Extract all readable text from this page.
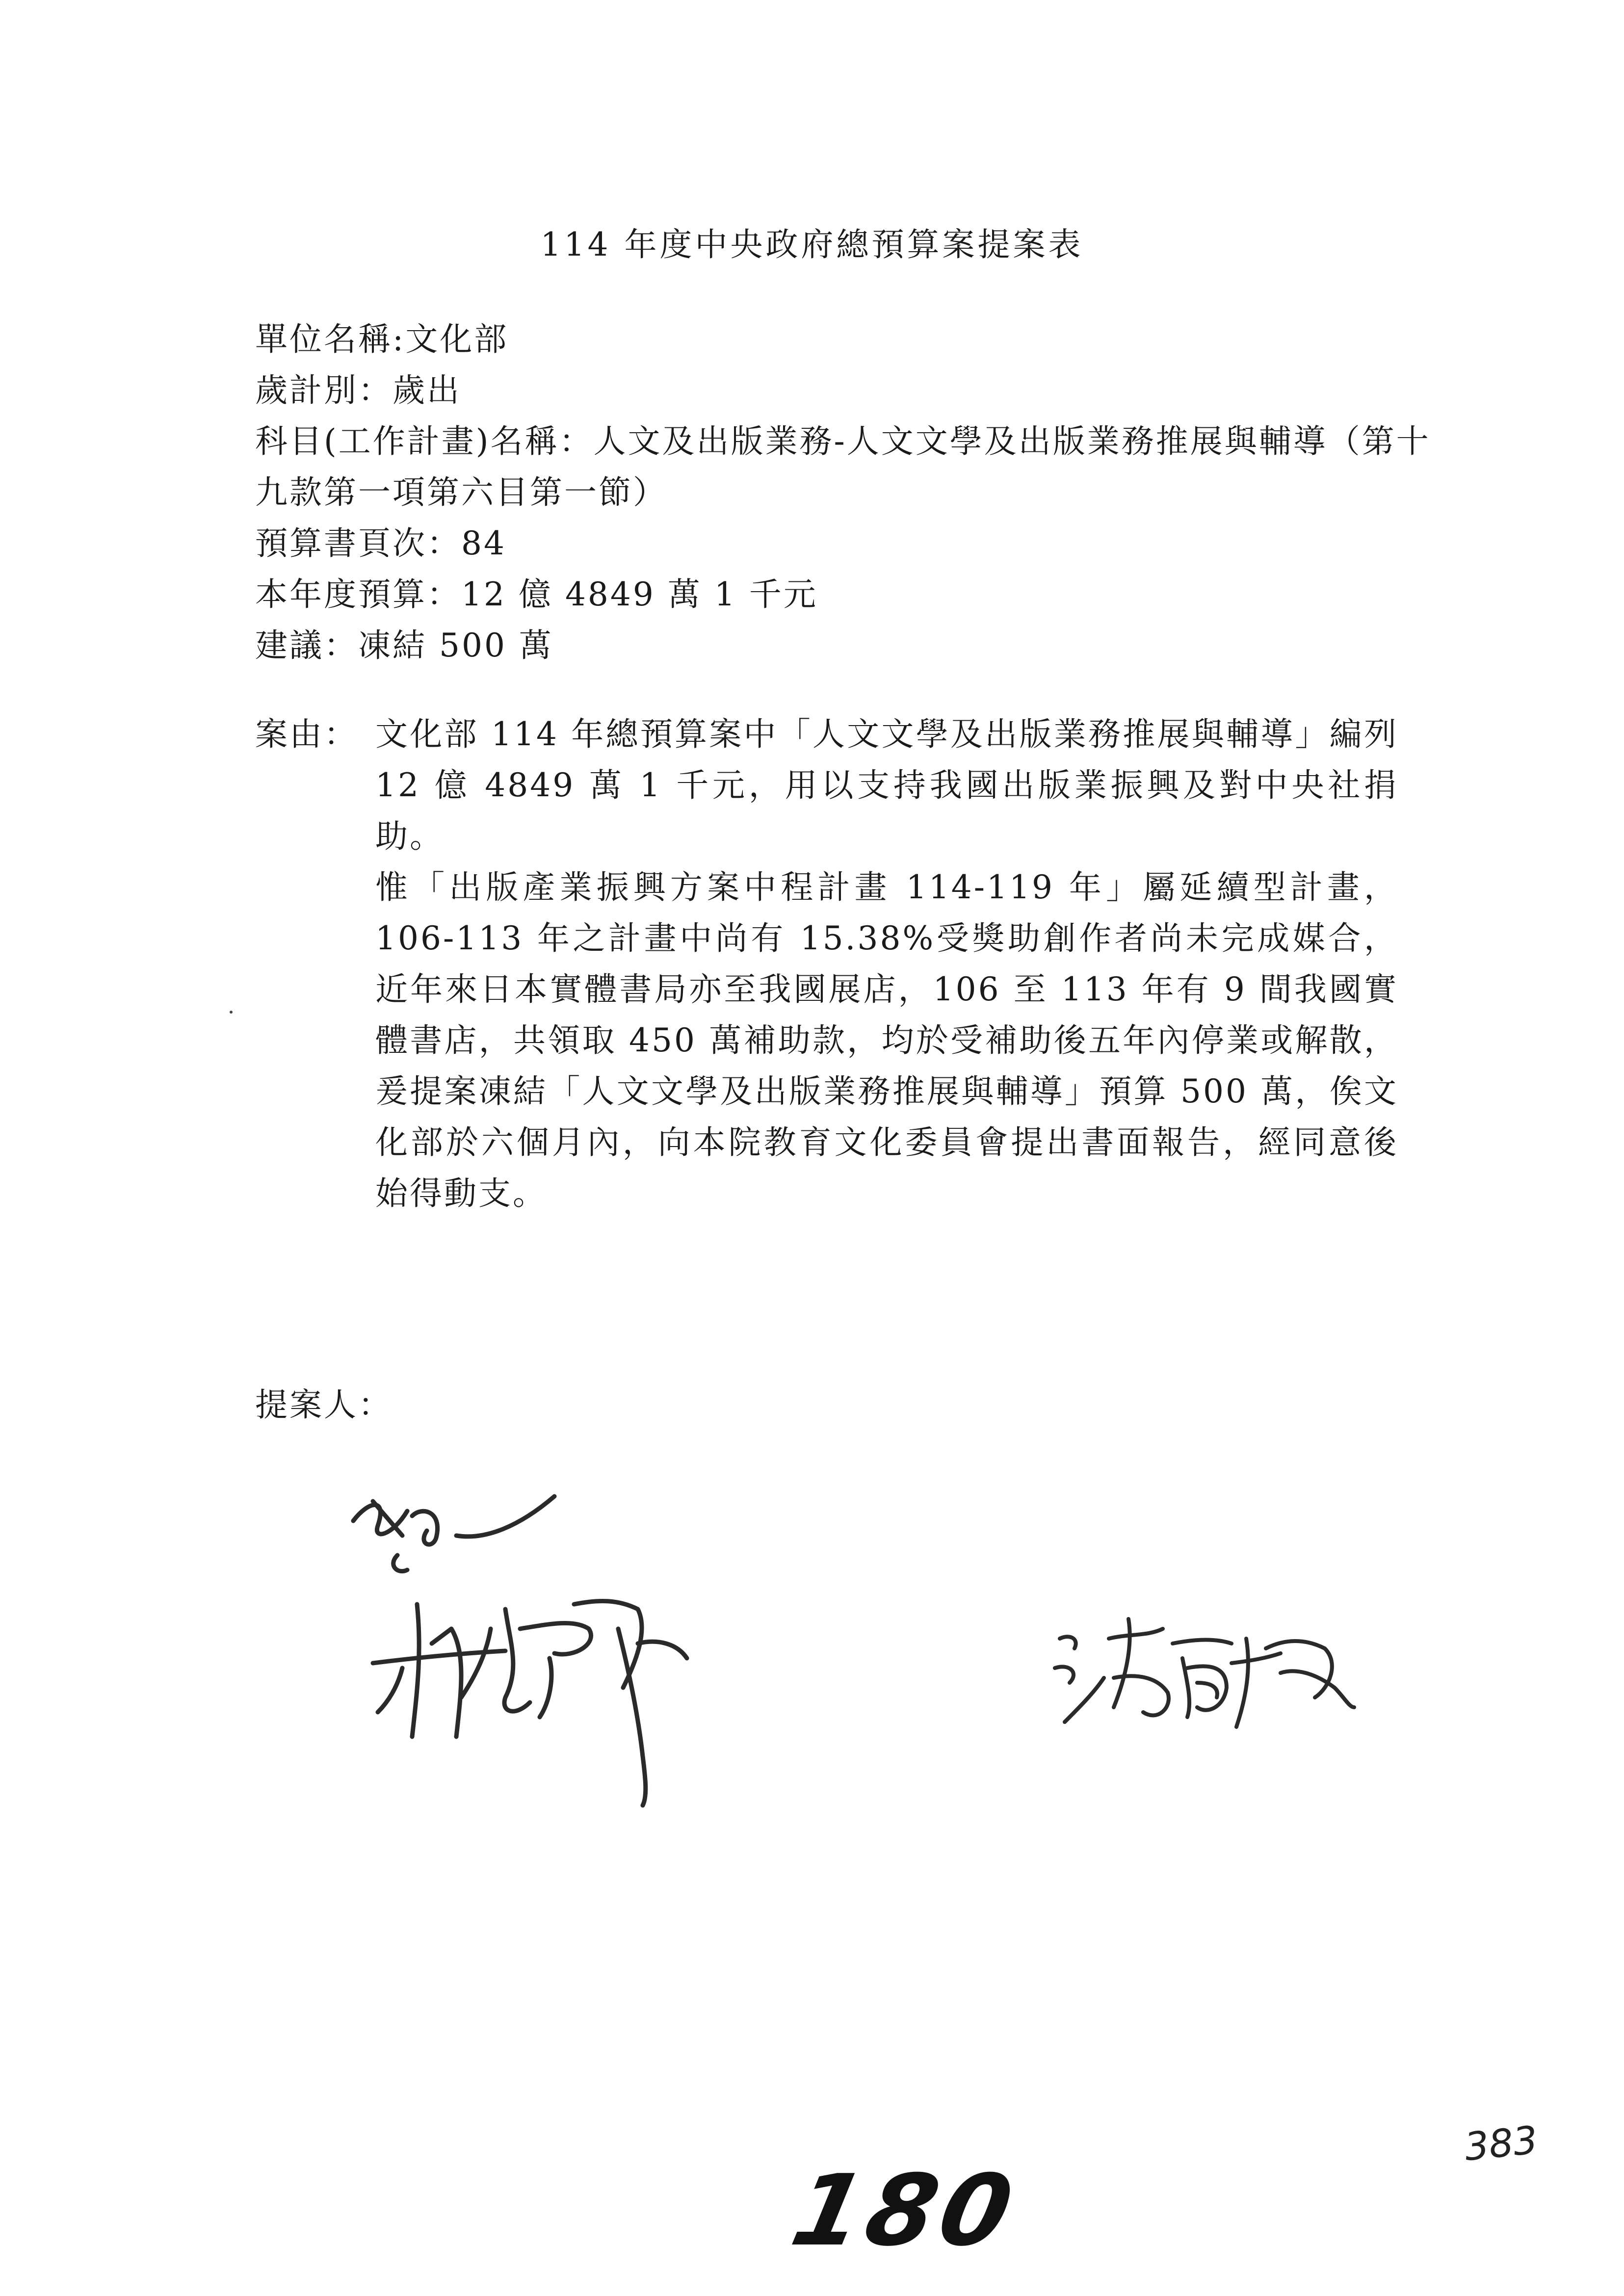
114 年度中央政府總預算案提案表
單位名稱:文化部
歲計別：歲出
科目(工作計畫)名稱：人文及出版業務-人文文學及出版業務推展與輔導（第十九款第一項第六目第一節）
預算書頁次：84
本年度預算：12 億 4849 萬 1 千元
建議：凍結 500 萬
案由： 文化部 114 年總預算案中「人文文學及出版業務推展與輔導」編列 12 億 4849 萬 1 千元，用以支持我國出版業振興及對中央社捐助。
惟「出版產業振興方案中程計畫 114-119 年」屬延續型計畫，106-113 年之計畫中尚有 15.38%受獎助創作者尚未完成媒合，近年來日本實體書局亦至我國展店，106 至 113 年有 9 間我國實體書店，共領取 450 萬補助款，均於受補助後五年內停業或解散，爰提案凍結「人文文學及出版業務推展與輔導」預算 500 萬，俟文化部於六個月內，向本院教育文化委員會提出書面報告，經同意後始得動支。
提案人：
383
180
